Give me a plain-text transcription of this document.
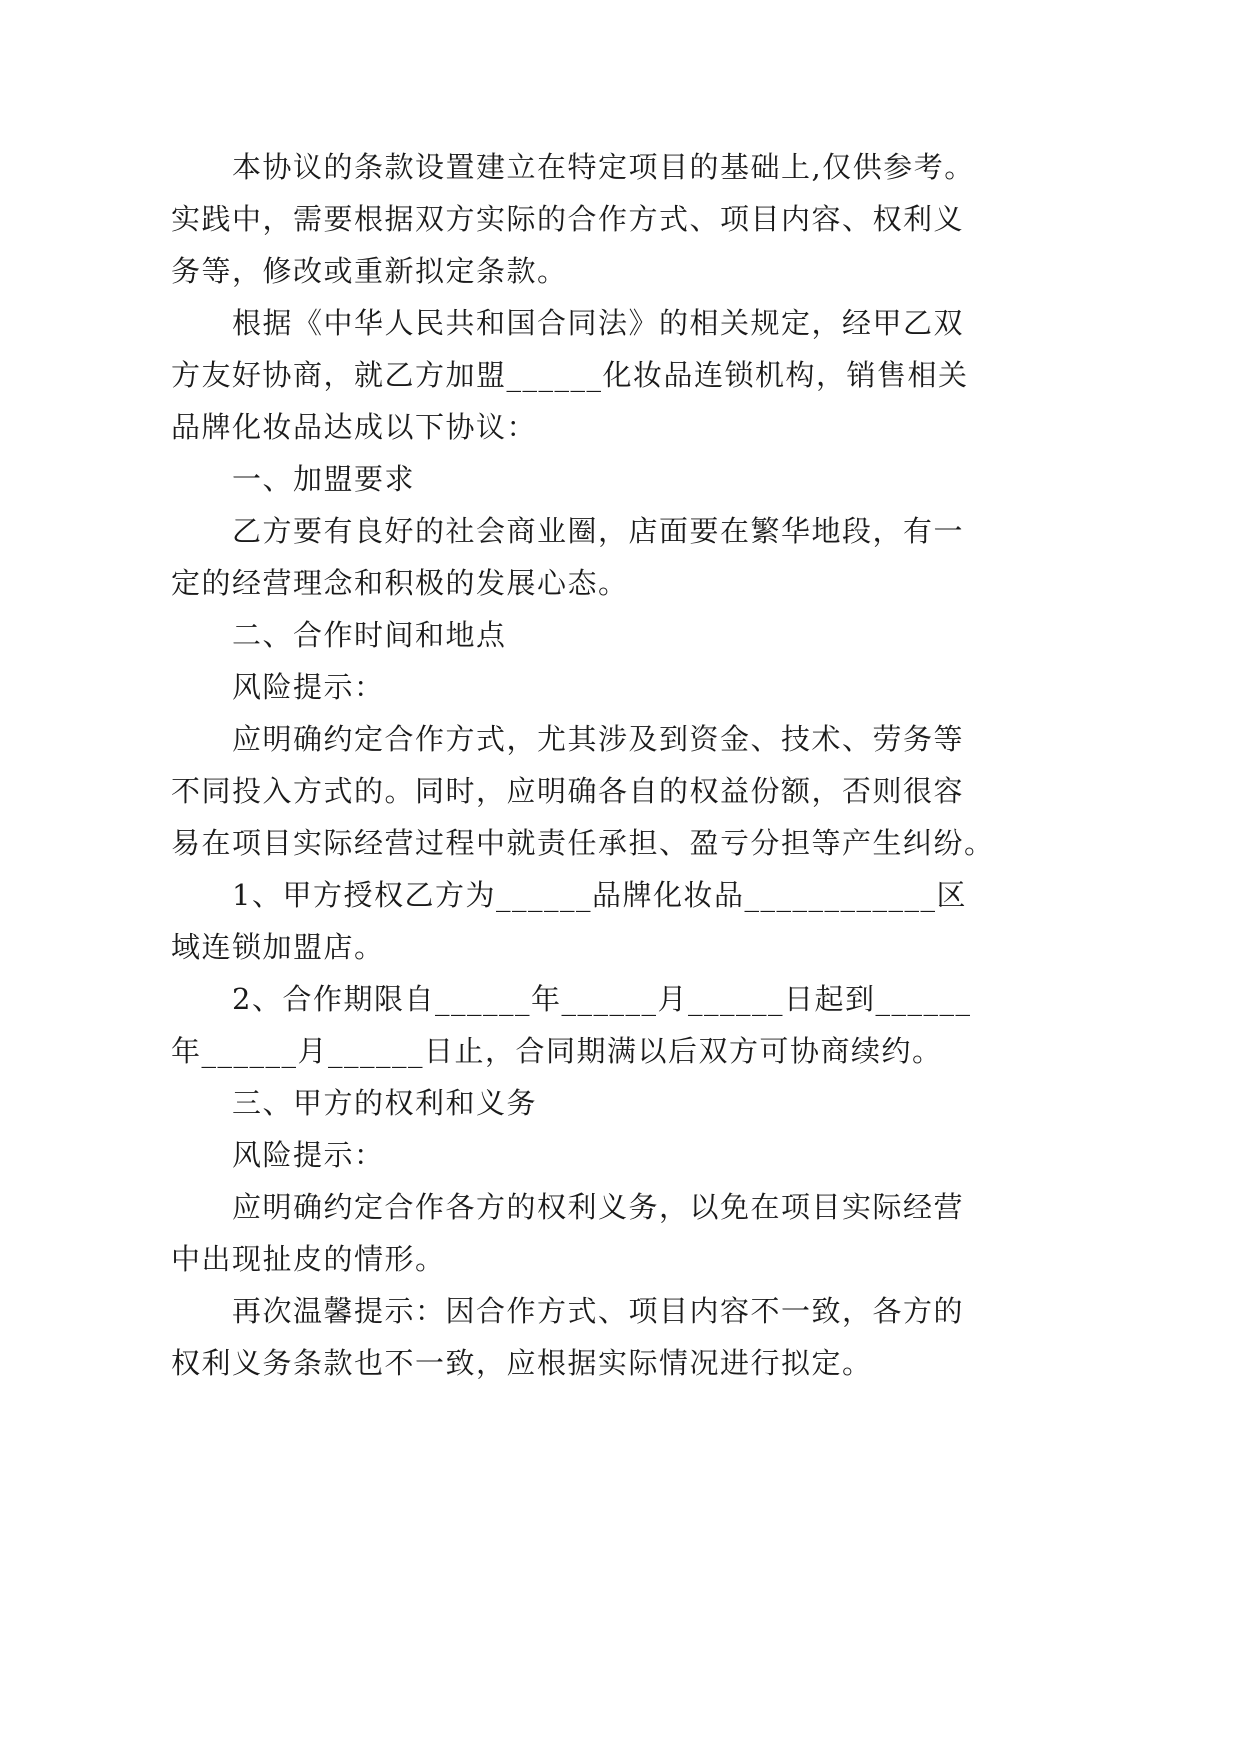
本协议的条款设置建立在特定项目的基础上,仅供参考。
实践中，需要根据双方实际的合作方式、项目内容、权利义
务等，修改或重新拟定条款。
根据《中华人民共和国合同法》的相关规定，经甲乙双
方友好协商，就乙方加盟______化妆品连锁机构，销售相关
品牌化妆品达成以下协议：
一、加盟要求
乙方要有良好的社会商业圈，店面要在繁华地段，有一
定的经营理念和积极的发展心态。
二、合作时间和地点
风险提示：
应明确约定合作方式，尤其涉及到资金、技术、劳务等
不同投入方式的。同时，应明确各自的权益份额，否则很容
易在项目实际经营过程中就责任承担、盈亏分担等产生纠纷。
1、甲方授权乙方为______品牌化妆品____________区
域连锁加盟店。
2、合作期限自______年______月______日起到______
年______月______日止，合同期满以后双方可协商续约。
三、甲方的权利和义务
风险提示：
应明确约定合作各方的权利义务，以免在项目实际经营
中出现扯皮的情形。
再次温馨提示：因合作方式、项目内容不一致，各方的
权利义务条款也不一致，应根据实际情况进行拟定。
